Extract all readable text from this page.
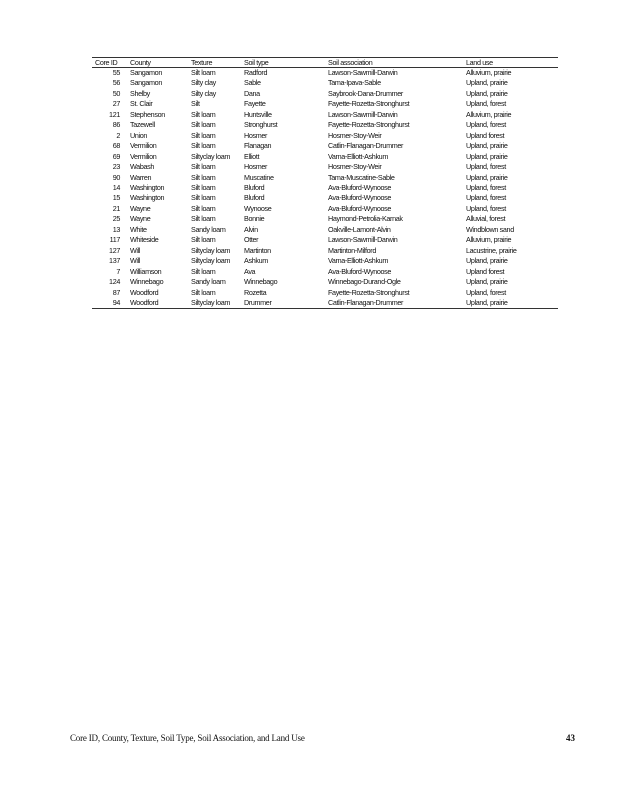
Core ID	County	Texture	Soil type	Soil association	Land use
55	Sangamon	Silt loam	Radford	Lawson-Sawmill-Darwin	Alluvium, prairie
56	Sangamon	Silty clay	Sable	Tama-Ipava-Sable	Upland, prairie
50	Shelby	Silty clay	Dana	Saybrook-Dana-Drummer	Upland, prairie
27	St. Clair	Silt	Fayette	Fayette-Rozetta-Stronghurst	Upland, forest
121	Stephenson	Silt loam	Huntsville	Lawson-Sawmill-Darwin	Alluvium, prairie
86	Tazewell	Silt loam	Stronghurst	Fayette-Rozetta-Stronghurst	Upland, forest
2	Union	Silt loam	Hosmer	Hosmer-Stoy-Weir	Upland forest
68	Vermilion	Silt loam	Flanagan	Catlin-Flanagan-Drummer	Upland, prairie
69	Vermilion	Siltyclay loam	Elliott	Varna-Elliott-Ashkum	Upland, prairie
23	Wabash	Silt loam	Hosmer	Hosmer-Stoy-Weir	Upland, forest
90	Warren	Silt loam	Muscatine	Tama-Muscatine-Sable	Upland, prairie
14	Washington	Silt loam	Bluford	Ava-Bluford-Wynoose	Upland, forest
15	Washington	Silt loam	Bluford	Ava-Bluford-Wynoose	Upland, forest
21	Wayne	Silt loam	Wynoose	Ava-Bluford-Wynoose	Upland, forest
25	Wayne	Silt loam	Bonnie	Haymond-Petrolia-Karnak	Alluvial, forest
13	White	Sandy loam	Alvin	Oakville-Lamont-Alvin	Windblown sand
117	Whiteside	Silt loam	Otter	Lawson-Sawmill-Darwin	Alluvium, prairie
127	Will	Siltyclay loam	Martinton	Martinton-Milford	Lacustrine, prairie
137	Will	Siltyclay loam	Ashkum	Varna-Elliott-Ashkum	Upland, prairie
7	Williamson	Silt loam	Ava	Ava-Bluford-Wynoose	Upland forest
124	Winnebago	Sandy loam	Winnebago	Winnebago-Durand-Ogle	Upland, prairie
87	Woodford	Silt loam	Rozetta	Fayette-Rozetta-Stronghurst	Upland, forest
94	Woodford	Siltyclay loam	Drummer	Catlin-Flanagan-Drummer	Upland, prairie
Core ID, County, Texture, Soil Type, Soil Association, and Land Use	43
